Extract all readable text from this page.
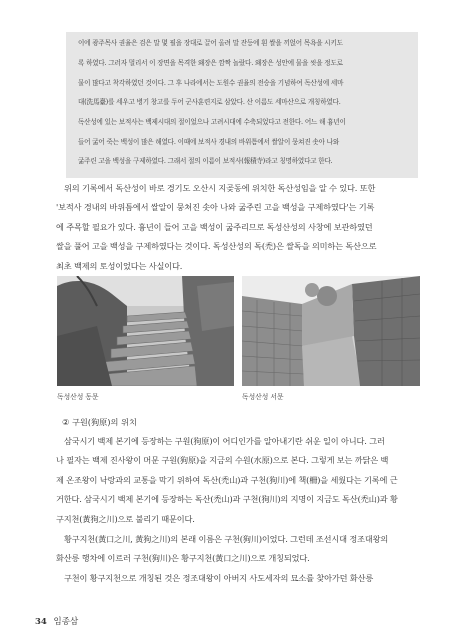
이에 광주목사 권율은 검은 말 몇 필을 장대로 끌어 올려 말 잔등에 흰 쌀을 끼얹어 목욕을 시키도
록 하였다. 그러자 멀리서 이 장면을 목격한 왜장은 깜짝 놀랐다. 왜장은 성안에 물을 씻을 정도로
물이 많다고 착각하였던 것이다. 그 후 나라에서는 도원수 권율의 전승을 기념하여 독산성에 세마
대(洗馬臺)를 세우고 병기 창고를 두어 군사훈련지로 삼았다. 산 이름도 세마산으로 개칭하였다.
독산성에 있는 보적사는 백제시대의 절이었으나 고려시대에 수축되었다고 전한다. 어느 해 흉년이
들어 굶어 죽는 백성이 많은 해였다. 이때에 보적사 경내의 바위틈에서 쌀알이 뭉쳐진 솟아 나와
굶주린 고을 백성을 구제하였다. 그래서 절의 이름이 보적사(報積寺)라고 칭명하였다고 한다.
위의 기록에서 독산성이 바로 경기도 오산시 지곶동에 위치한 독산성임을 알 수 있다. 또한
'보적사 경내의 바위틈에서 쌀알이 뭉쳐진 솟아 나와 굶주린 고을 백성을 구제하였다'는 기록
에 주목할 필요가 있다. 흉년이 들어 고을 백성이 굶주리므로 독성산성의 사창에 보관하였던
쌀을 풀어 고을 백성을 구제하였다는 것이다. 독성산성의 독(禿)은 쌀독을 의미하는 독산으로
최초 백제의 토성이었다는 사실이다.
독성산성 동문	독성산성 서문
② 구원(狗原)의 위치
삼국시기 백제 본기에 등장하는 구원(狗原)이 어디인가를 알아내기란 쉬운 일이 아니다. 그러
나 필자는 백제 진사왕이 머문 구원(狗原)을 지금의 수원(水原)으로 본다. 그렇게 보는 까닭은 백
제 온조왕이 낙랑과의 교통을 막기 위하여 독산(禿山)과 구천(狗川)에 책(柵)을 세웠다는 기록에 근
거한다. 삼국시기 백제 본기에 등장하는 독산(禿山)과 구천(狗川)의 지명이 지금도 독산(禿山)과 황
구지천(黃狗之川)으로 불리기 때문이다.
황구지천(黃口之川, 黃狗之川)의 본래 이름은 구천(狗川)이었다. 그런데 조선시대 정조대왕의
화산릉 행차에 이르러 구천(狗川)은 황구지천(黃口之川)으로 개칭되었다.
구천이 황구지천으로 개칭된 것은 정조대왕이 아버지 사도세자의 묘소를 찾아가던 화산릉
34 임종삼
